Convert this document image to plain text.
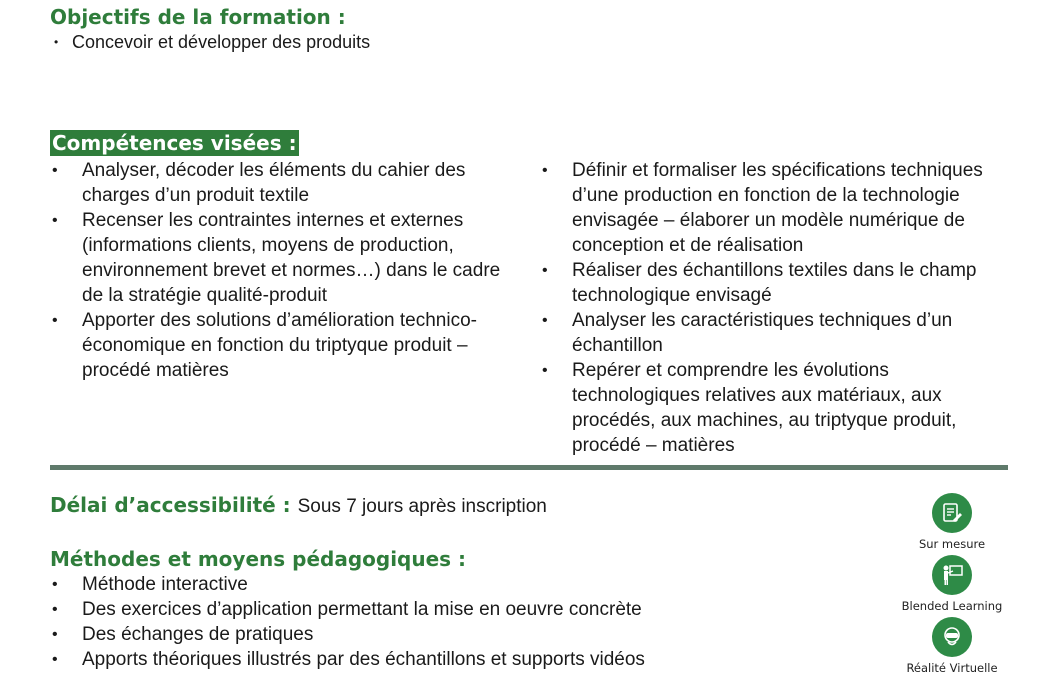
Objectifs de la formation :
• Concevoir et développer des produits
Compétences visées :
• Analyser, décoder les éléments du cahier des charges d’un produit textile
• Recenser les contraintes internes et externes (informations clients, moyens de production, environnement brevet et normes…) dans le cadre de la stratégie qualité-produit
• Apporter des solutions d’amélioration technico-économique en fonction du triptyque produit – procédé matières
• Définir et formaliser les spécifications techniques d’une production en fonction de la technologie envisagée – élaborer un modèle numérique de conception et de réalisation
• Réaliser des échantillons textiles dans le champ technologique envisagé
• Analyser les caractéristiques techniques d’un échantillon
• Repérer et comprendre les évolutions technologiques relatives aux matériaux, aux procédés, aux machines, au triptyque produit, procédé – matières
Délai d’accessibilité : Sous 7 jours après inscription
Méthodes et moyens pédagogiques :
• Méthode interactive
• Des exercices d’application permettant la mise en oeuvre concrète
• Des échanges de pratiques
• Apports théoriques illustrés par des échantillons et supports vidéos
Sur mesure
Blended Learning
Réalité Virtuelle
